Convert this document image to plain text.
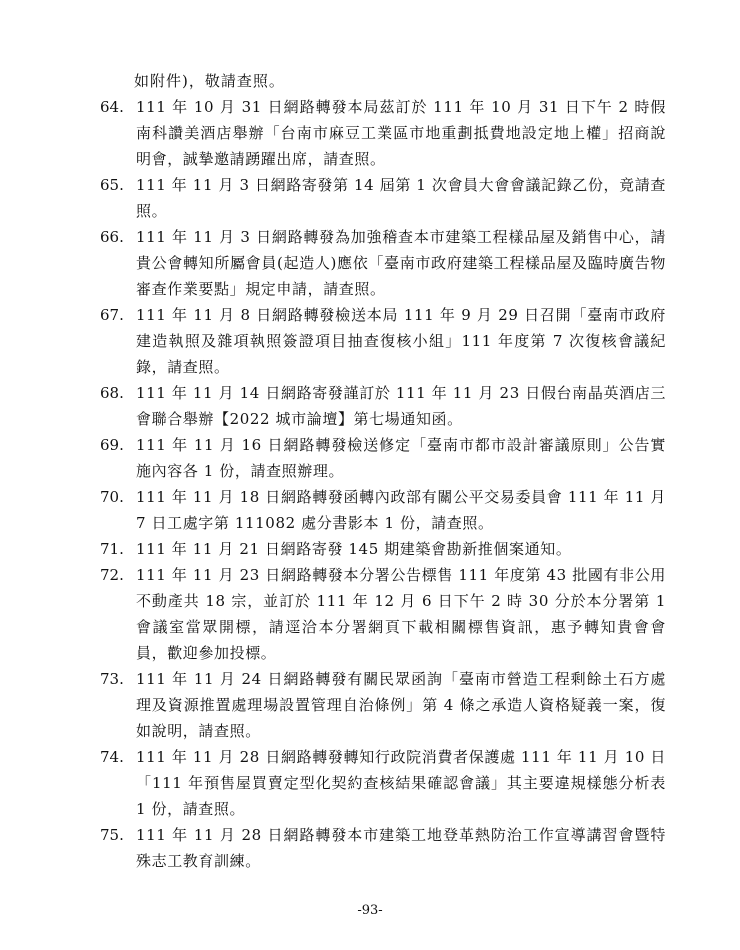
如附件)，敬請查照。
64. 111 年 10 月 31 日網路轉發本局茲訂於 111 年 10 月 31 日下午 2 時假南科讚美酒店舉辦「台南市麻豆工業區市地重劃抵費地設定地上權」招商說明會，誠摯邀請踴躍出席，請查照。
65. 111 年 11 月 3 日網路寄發第 14 屆第 1 次會員大會會議記錄乙份，竟請查照。
66. 111 年 11 月 3 日網路轉發為加強稽查本市建築工程樣品屋及銷售中心，請貴公會轉知所屬會員(起造人)應依「臺南市政府建築工程樣品屋及臨時廣告物審查作業要點」規定申請，請查照。
67. 111 年 11 月 8 日網路轉發檢送本局 111 年 9 月 29 日召開「臺南市政府建造執照及雜項執照簽證項目抽查復核小組」111 年度第 7 次復核會議紀錄，請查照。
68. 111 年 11 月 14 日網路寄發謹訂於 111 年 11 月 23 日假台南晶英酒店三會聯合舉辦【2022 城市論壇】第七場通知函。
69. 111 年 11 月 16 日網路轉發檢送修定「臺南市都市設計審議原則」公告實施內容各 1 份，請查照辦理。
70. 111 年 11 月 18 日網路轉發函轉內政部有關公平交易委員會 111 年 11 月 7 日工處字第 111082 處分書影本 1 份，請查照。
71. 111 年 11 月 21 日網路寄發 145 期建築會勘新推個案通知。
72. 111 年 11 月 23 日網路轉發本分署公告標售 111 年度第 43 批國有非公用不動產共 18 宗，並訂於 111 年 12 月 6 日下午 2 時 30 分於本分署第 1 會議室當眾開標，請逕洽本分署網頁下載相關標售資訊，惠予轉知貴會會員，歡迎參加投標。
73. 111 年 11 月 24 日網路轉發有關民眾函詢「臺南市營造工程剩餘土石方處理及資源推置處理場設置管理自治條例」第 4 條之承造人資格疑義一案，復如說明，請查照。
74. 111 年 11 月 28 日網路轉發轉知行政院消費者保護處 111 年 11 月 10 日「111 年預售屋買賣定型化契約查核結果確認會議」其主要違規樣態分析表 1 份，請查照。
75. 111 年 11 月 28 日網路轉發本市建築工地登革熱防治工作宣導講習會暨特殊志工教育訓練。
-93-
